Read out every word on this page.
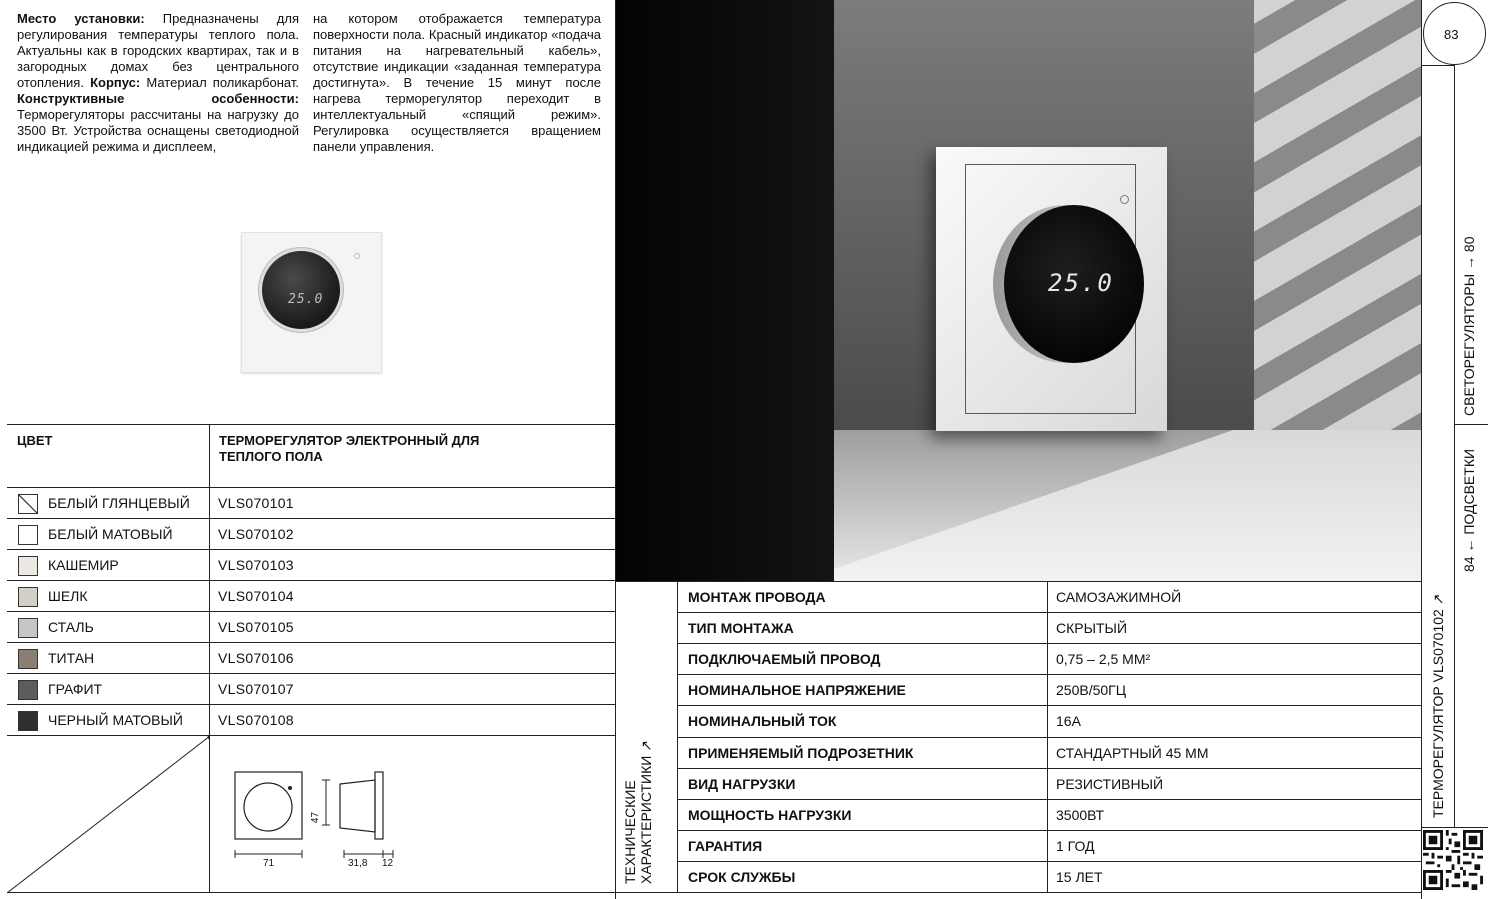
Место установки: Предназначены для регулирования температуры теплого пола. Актуальны как в городских квартирах, так и в загородных домах без центрального отопления. Корпус: Материал поликарбонат. Конструктивные особенности: Терморегуляторы рассчитаны на нагрузку до 3500 Вт. Устройства оснащены светодиодной индикацией режима и дисплеем,
на котором отображается температура поверхности пола. Красный индикатор «подача питания на нагревательный кабель», отсутствие индикации «заданная температура достигнута». В течение 15 минут после нагрева терморегулятор переходит в интеллектуальный «спящий режим». Регулировка осуществляется вращением панели управления.
25.0
ЦВЕТ	ТЕРМОРЕГУЛЯТОР ЭЛЕКТРОННЫЙ ДЛЯ ТЕПЛОГО ПОЛА
БЕЛЫЙ ГЛЯНЦЕВЫЙ VLS070101
БЕЛЫЙ МАТОВЫЙ	VLS070102
КАШЕМИР	VLS070103
ШЕЛК	VLS070104
СТАЛЬ	VLS070105
ТИТАН	VLS070106
ГРАФИТ	VLS070107
ЧЕРНЫЙ МАТОВЫЙ	VLS070108
71
47
31,8 12
25.0
ТЕХНИЧЕСКИЕ ХАРАКТЕРИСТИКИ ↗
МОНТАЖ ПРОВОДА	САМОЗАЖИМНОЙ
ТИП МОНТАЖА	СКРЫТЫЙ
ПОДКЛЮЧАЕМЫЙ ПРОВОД	0,75 – 2,5 ММ²
НОМИНАЛЬНОЕ НАПРЯЖЕНИЕ	250В/50ГЦ
НОМИНАЛЬНЫЙ ТОК	16А
ПРИМЕНЯЕМЫЙ ПОДРОЗЕТНИК	СТАНДАРТНЫЙ 45 ММ
ВИД НАГРУЗКИ	РЕЗИСТИВНЫЙ
МОЩНОСТЬ НАГРУЗКИ	3500ВТ
ГАРАНТИЯ	1 ГОД
СРОК СЛУЖБЫ	15 ЛЕТ
83
СВЕТОРЕГУЛЯТОРЫ → 80
84 ← ПОДСВЕТКИ
ТЕРМОРЕГУЛЯТОР VLS070102 ↗
